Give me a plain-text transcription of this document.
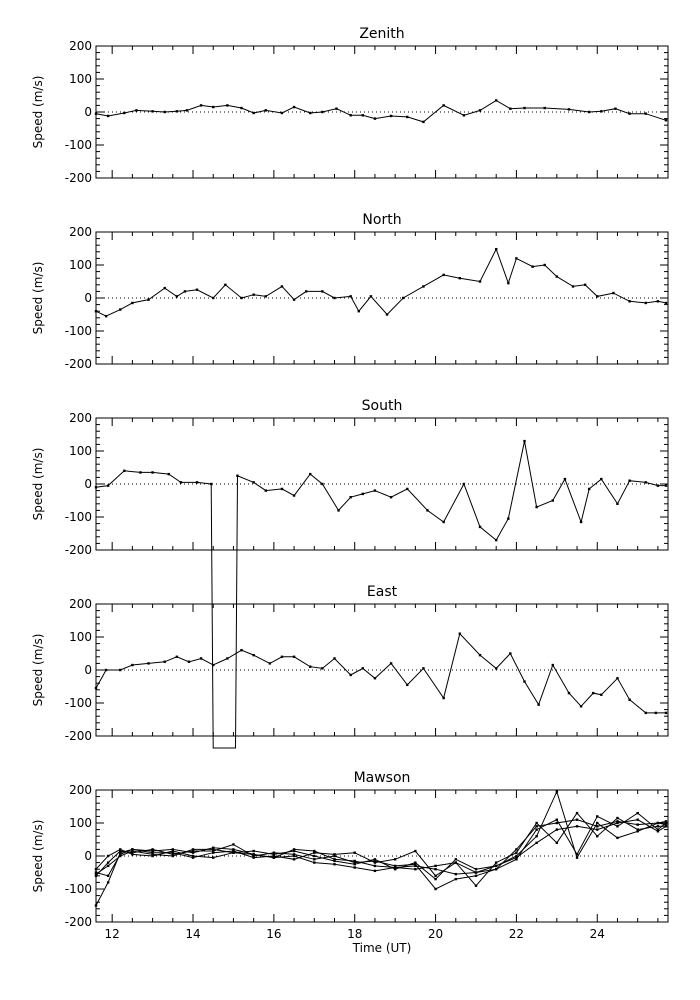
Zenith
200
100
0
-100
-200
Speed (m/s)
North
200
100
0
-100
-200
Speed (m/s)
South
200
100
0
-100
-200
Speed (m/s)
East
200
100
0
-100
-200
Speed (m/s)
Mawson
200
100
0
-100
-200
Speed (m/s)
12	14	16	18	20	22	24
Time (UT)
